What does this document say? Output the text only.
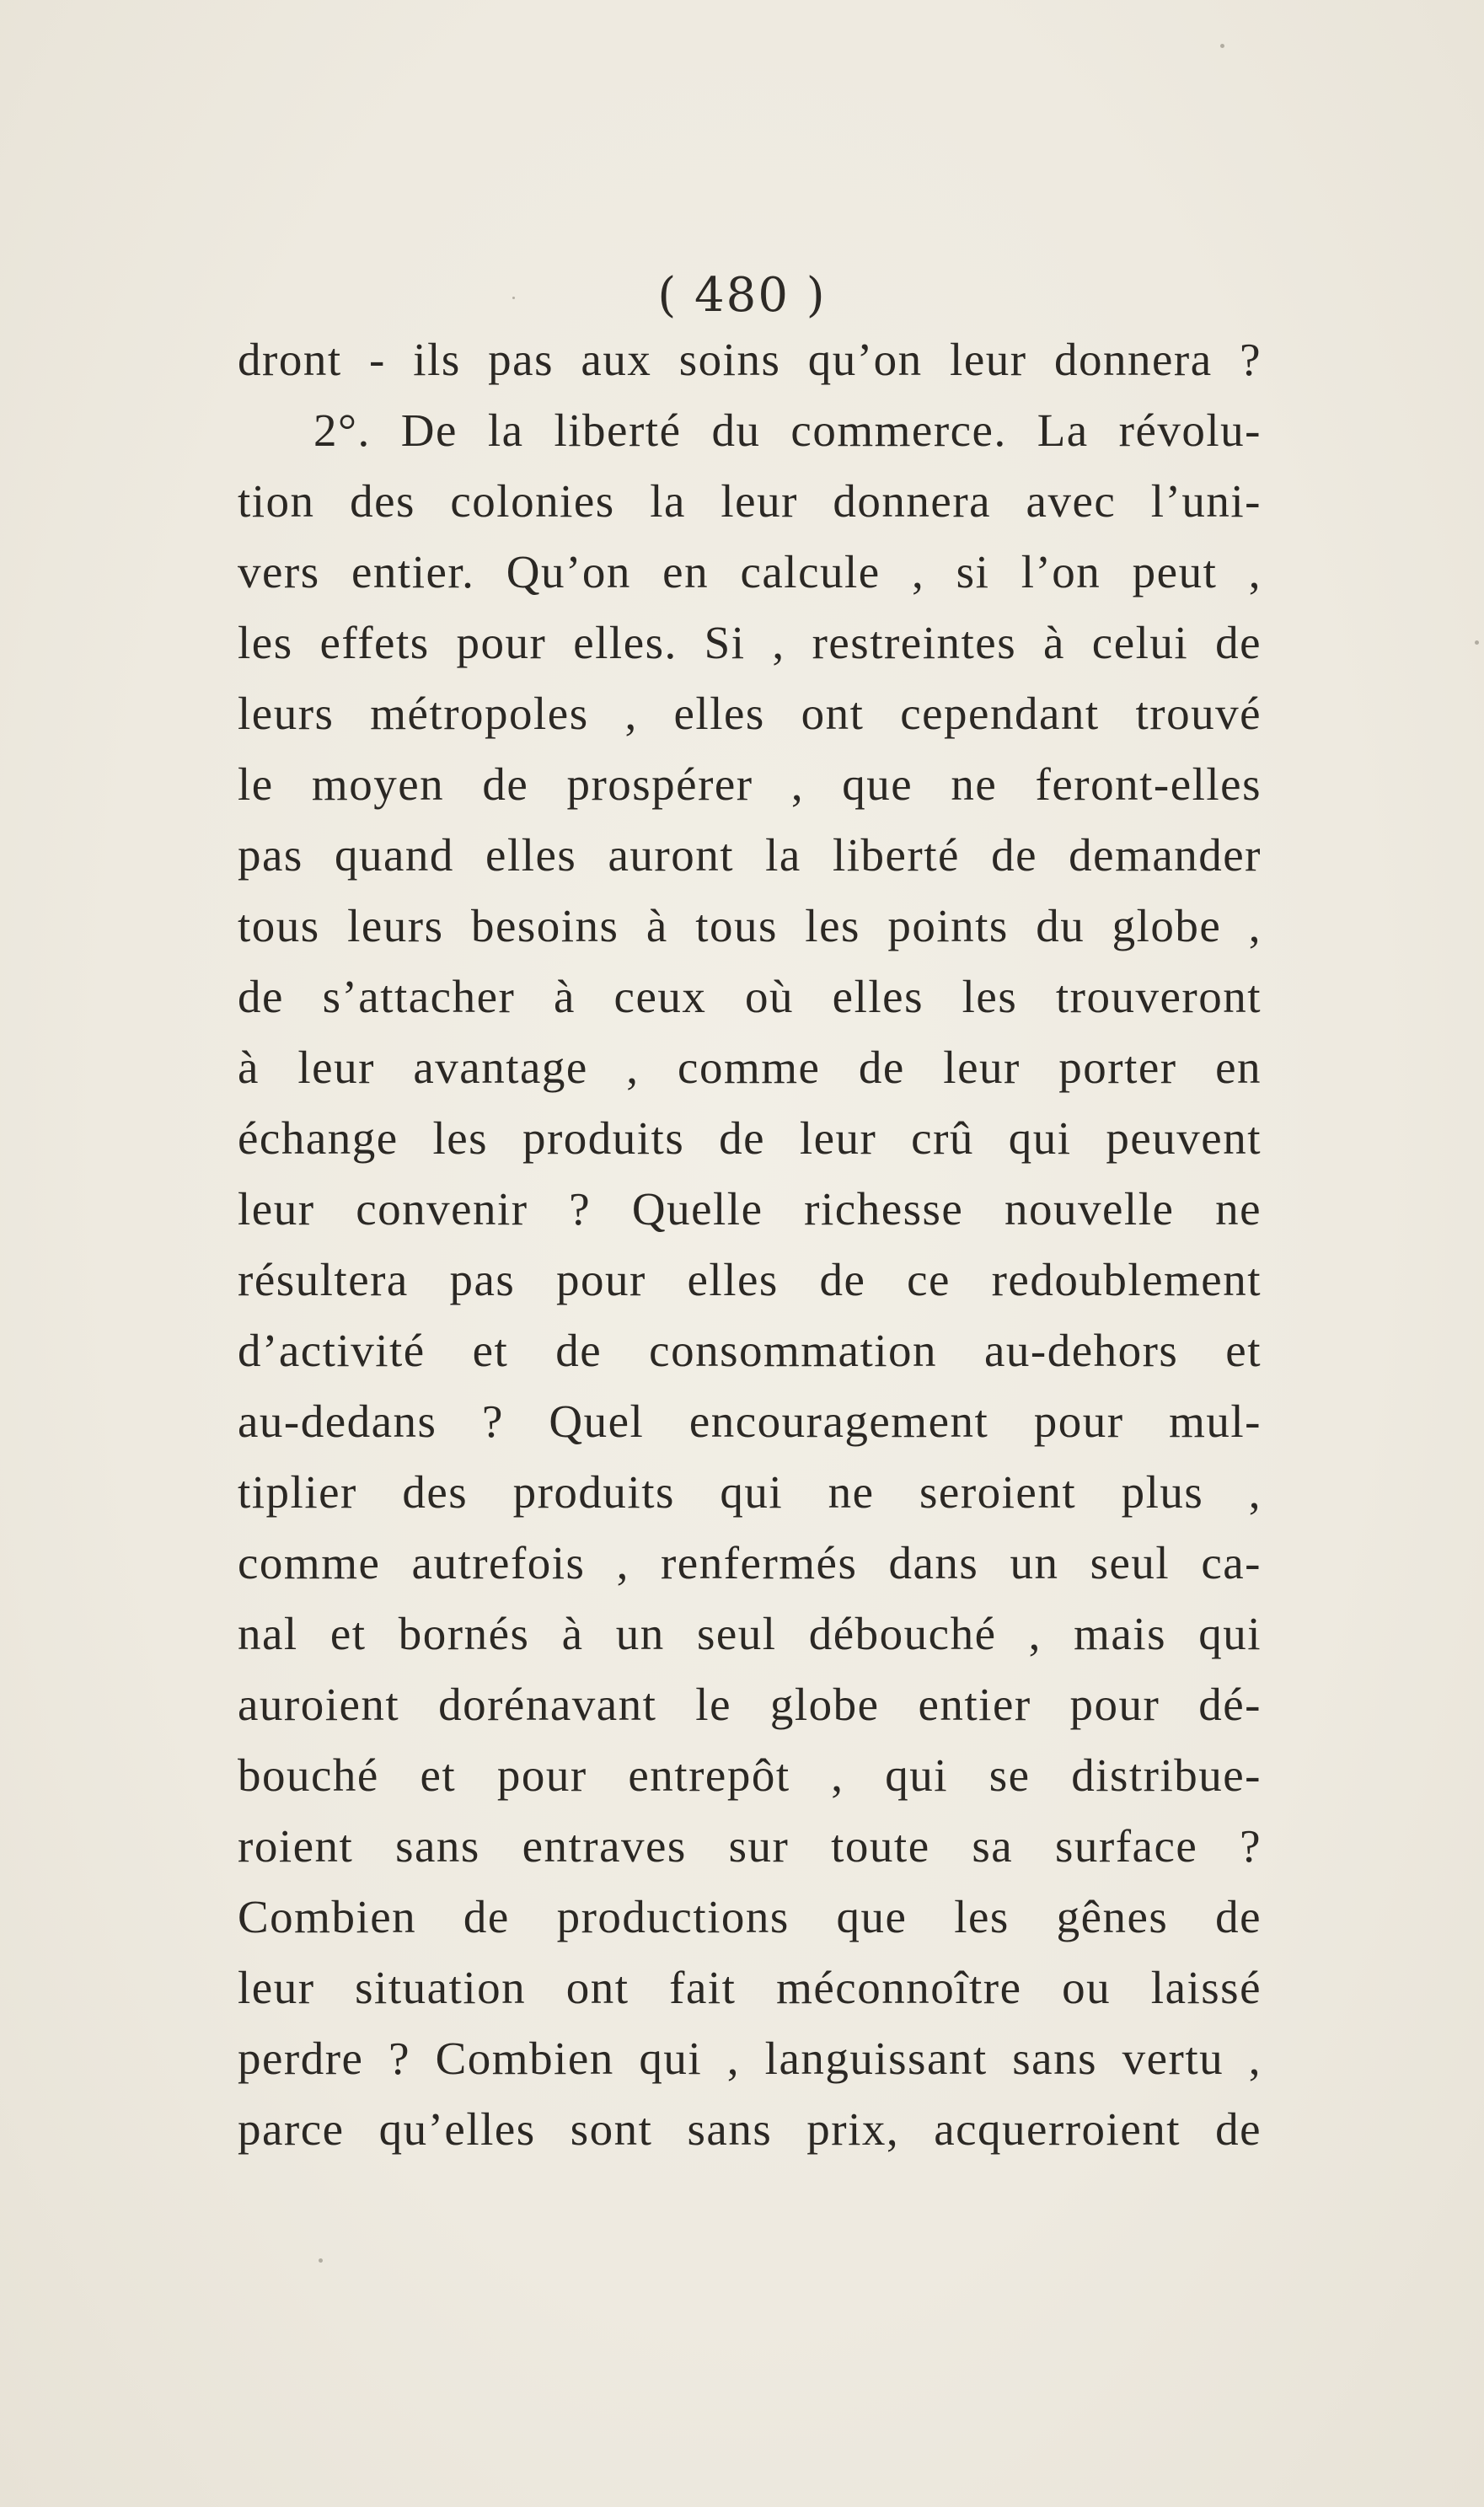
( 480 )
dront - ils pas aux soins qu’on leur donnera ?
2°. De la liberté du commerce. La révolu-
tion des colonies la leur donnera avec l’uni-
vers entier. Qu’on en calcule , si l’on peut ,
les effets pour elles. Si , restreintes à celui de
leurs métropoles , elles ont cependant trouvé
le moyen de prospérer , que ne feront-elles
pas quand elles auront la liberté de demander
tous leurs besoins à tous les points du globe ,
de s’attacher à ceux où elles les trouveront
à leur avantage , comme de leur porter en
échange les produits de leur crû qui peuvent
leur convenir ? Quelle richesse nouvelle ne
résultera pas pour elles de ce redoublement
d’activité et de consommation au-dehors et
au-dedans ? Quel encouragement pour mul-
tiplier des produits qui ne seroient plus ,
comme autrefois , renfermés dans un seul ca-
nal et bornés à un seul débouché , mais qui
auroient dorénavant le globe entier pour dé-
bouché et pour entrepôt , qui se distribue-
roient sans entraves sur toute sa surface ?
Combien de productions que les gênes de
leur situation ont fait méconnoître ou laissé
perdre ? Combien qui , languissant sans vertu ,
parce qu’elles sont sans prix, acquerroient de
